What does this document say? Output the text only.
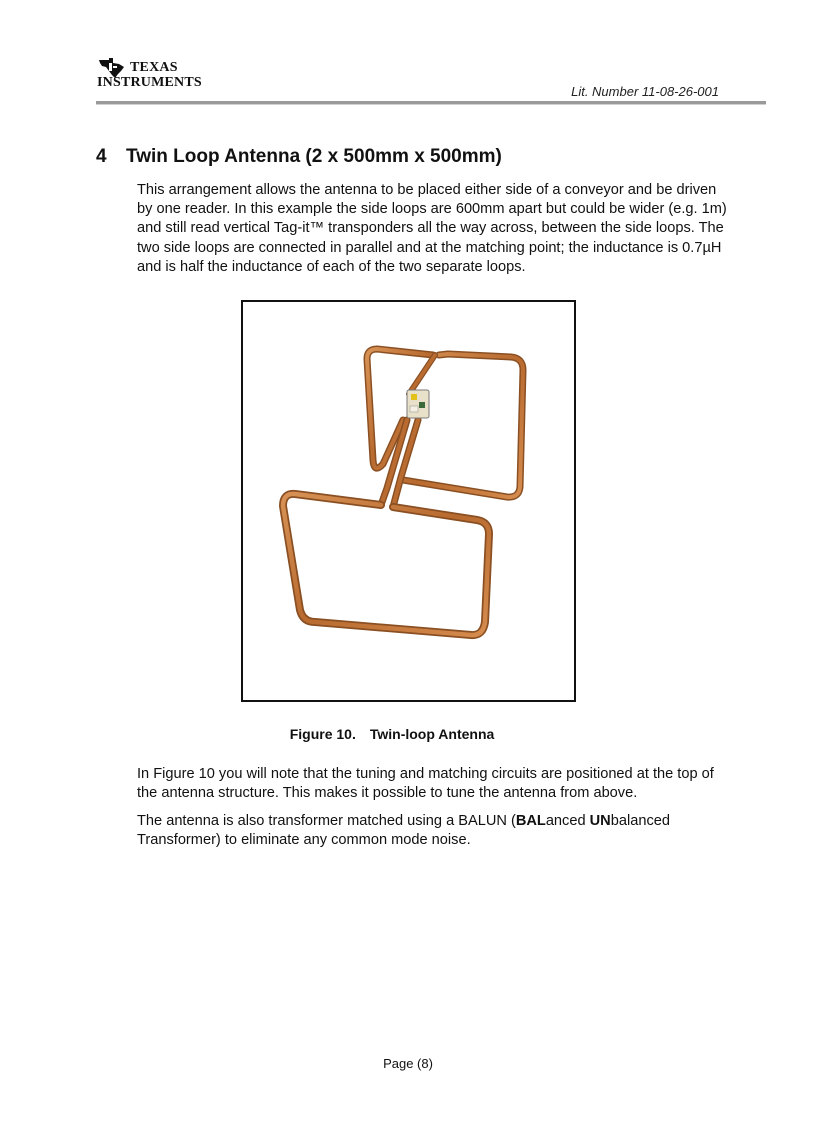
TEXAS
INSTRUMENTS
Lit. Number 11-08-26-001
4 Twin Loop Antenna (2 x 500mm x 500mm)

This arrangement allows the antenna to be placed either side of a conveyor and be driven by one reader. In this example the side loops are 600mm apart but could be wider (e.g. 1m) and still read vertical Tag-it™ transponders all the way across, between the side loops. The two side loops are connected in parallel and at the matching point; the inductance is 0.7µH and is half the inductance of each of the two separate loops.

Figure 10. Twin-loop Antenna

In Figure 10 you will note that the tuning and matching circuits are positioned at the top of the antenna structure. This makes it possible to tune the antenna from above.

The antenna is also transformer matched using a BALUN (BALanced UNbalanced Transformer) to eliminate any common mode noise.

Page (8)
